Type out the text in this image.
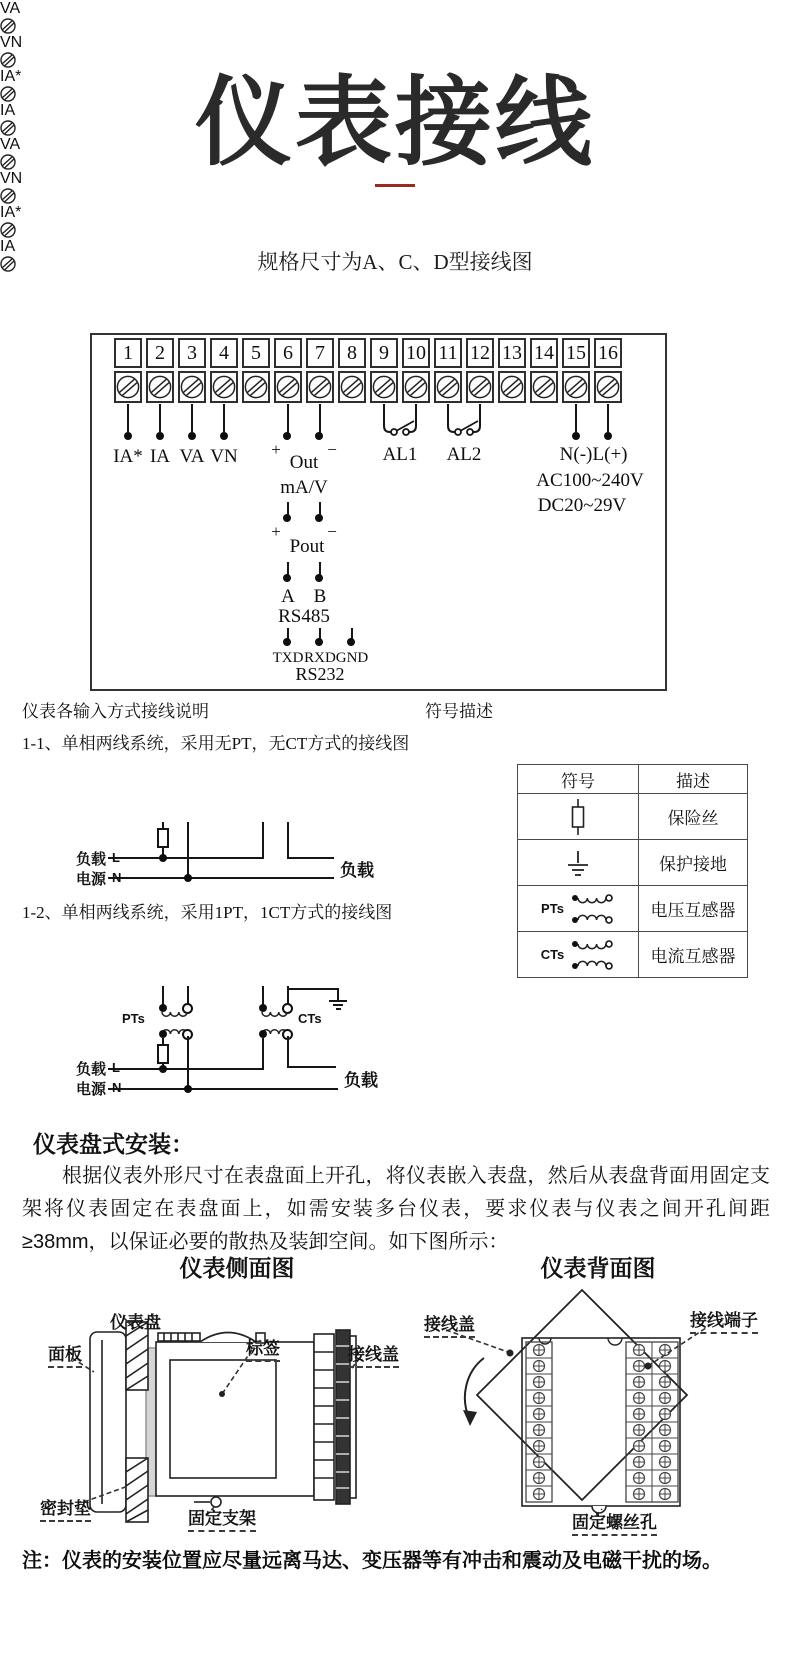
仪表接线
规格尺寸为A、C、D型接线图
1	2	3	4	5	6	7	8	9 10 11 12 13 14 15 16
IA* IA VA VN +	−
Out
mA/V
AL1 AL2	N(-) L(+)
AC100~240V
DC20~29V
+	−
Pout
A B
RS485
TXD RXD GND
RS232
仪表各输入方式接线说明	符号描述
1-1、单相两线系统，采用无PT，无CT方式的接线图
VA
VN
IA*
IA
负载 L
电源 N	负载
符号	描述

	保险丝

	保护接地

PTs	电压互感器

CTs	电流互感器
1-2、单相两线系统，采用1PT，1CT方式的接线图
VA
VN
IA*
IA
PTs	CTs
负载 L
电源 N	负载
仪表盘式安装：
根据仪表外形尺寸在表盘面上开孔，将仪表嵌入表盘，然后从表盘背面用固定支架将仪表固定在表盘面上，如需安装多台仪表，要求仪表与仪表之间开孔间距≥38mm，以保证必要的散热及装卸空间。如下图所示：
仪表侧面图	仪表背面图
仪表盘
面板	标签	接线盖
密封垫
固定支架
接线盖	接线端子
固定螺丝孔
注：仪表的安装位置应尽量远离马达、变压器等有冲击和震动及电磁干扰的场。
